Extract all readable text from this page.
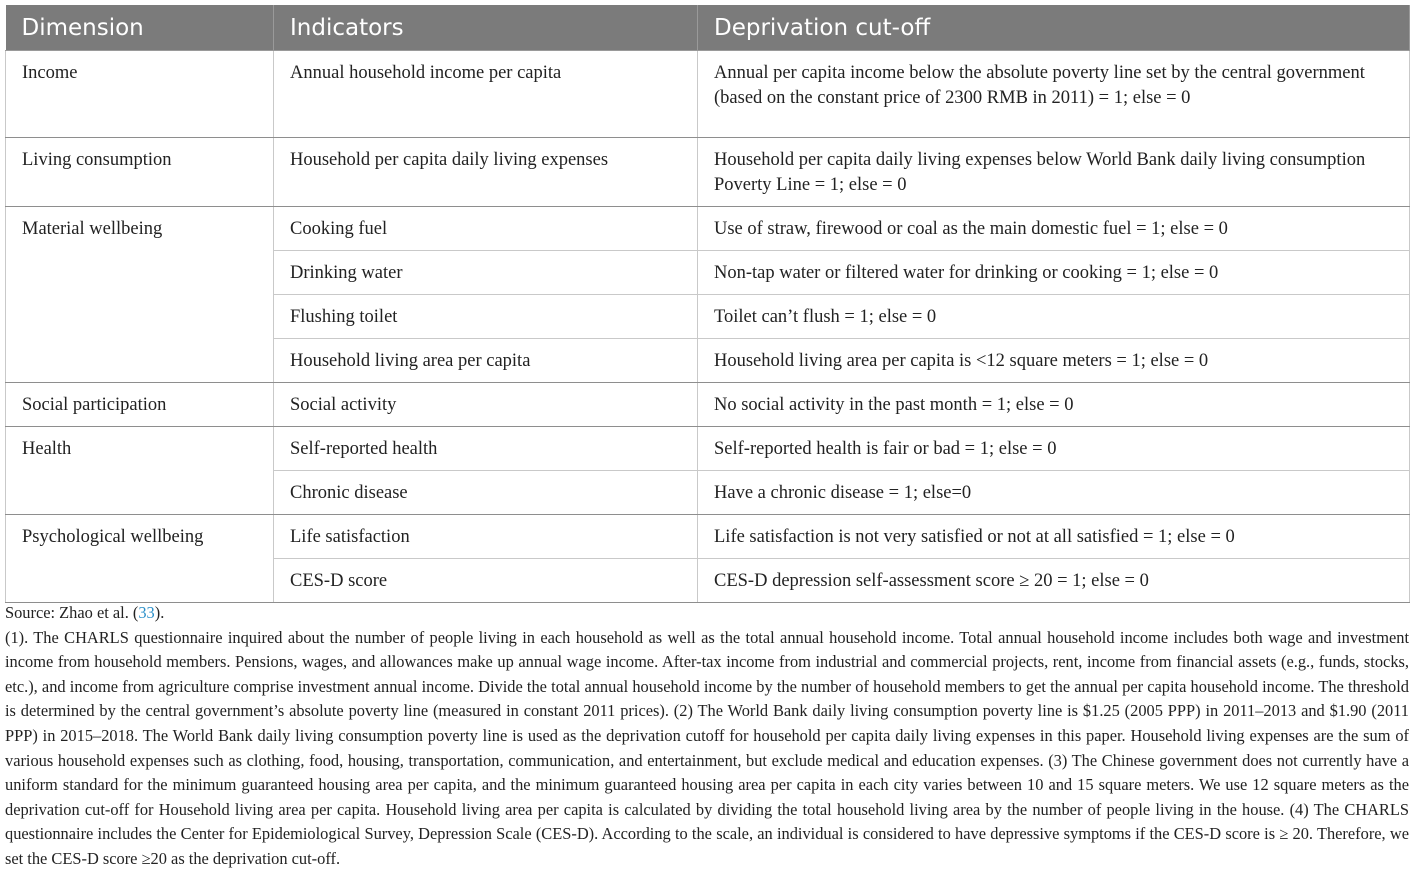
Dimension	Indicators	Deprivation cut-off
Income	Annual household income per capita	Annual per capita income below the absolute poverty line set by the central government (based on the constant price of 2300 RMB in 2011) = 1; else = 0
Living consumption	Household per capita daily living expenses	Household per capita daily living expenses below World Bank daily living consumption Poverty Line = 1; else = 0
Material wellbeing	Cooking fuel	Use of straw, firewood or coal as the main domestic fuel = 1; else = 0
	Drinking water	Non-tap water or filtered water for drinking or cooking = 1; else = 0
	Flushing toilet	Toilet can’t flush = 1; else = 0
	Household living area per capita	Household living area per capita is <12 square meters = 1; else = 0
Social participation	Social activity	No social activity in the past month = 1; else = 0
Health	Self-reported health	Self-reported health is fair or bad = 1; else = 0
	Chronic disease	Have a chronic disease = 1; else=0
Psychological wellbeing	Life satisfaction	Life satisfaction is not very satisfied or not at all satisfied = 1; else = 0
	CES-D score	CES-D depression self-assessment score ≥ 20 = 1; else = 0

Source: Zhao et al. (33).

(1). The CHARLS questionnaire inquired about the number of people living in each household as well as the total annual household income. Total annual household income includes both wage and investment income from household members. Pensions, wages, and allowances make up annual wage income. After-tax income from industrial and commercial projects, rent, income from financial assets (e.g., funds, stocks, etc.), and income from agriculture comprise investment annual income. Divide the total annual household income by the number of household members to get the annual per capita household income. The threshold is determined by the central government’s absolute poverty line (measured in constant 2011 prices). (2) The World Bank daily living consumption poverty line is $1.25 (2005 PPP) in 2011–2013 and $1.90 (2011 PPP) in 2015–2018. The World Bank daily living consumption poverty line is used as the deprivation cutoff for household per capita daily living expenses in this paper. Household living expenses are the sum of various household expenses such as clothing, food, housing, transportation, communication, and entertainment, but exclude medical and education expenses. (3) The Chinese government does not currently have a uniform standard for the minimum guaranteed housing area per capita, and the minimum guaranteed housing area per capita in each city varies between 10 and 15 square meters. We use 12 square meters as the deprivation cut-off for Household living area per capita. Household living area per capita is calculated by dividing the total household living area by the number of people living in the house. (4) The CHARLS questionnaire includes the Center for Epidemiological Survey, Depression Scale (CES-D). According to the scale, an individual is considered to have depressive symptoms if the CES-D score is ≥ 20. Therefore, we set the CES-D score ≥20 as the deprivation cut-off.
